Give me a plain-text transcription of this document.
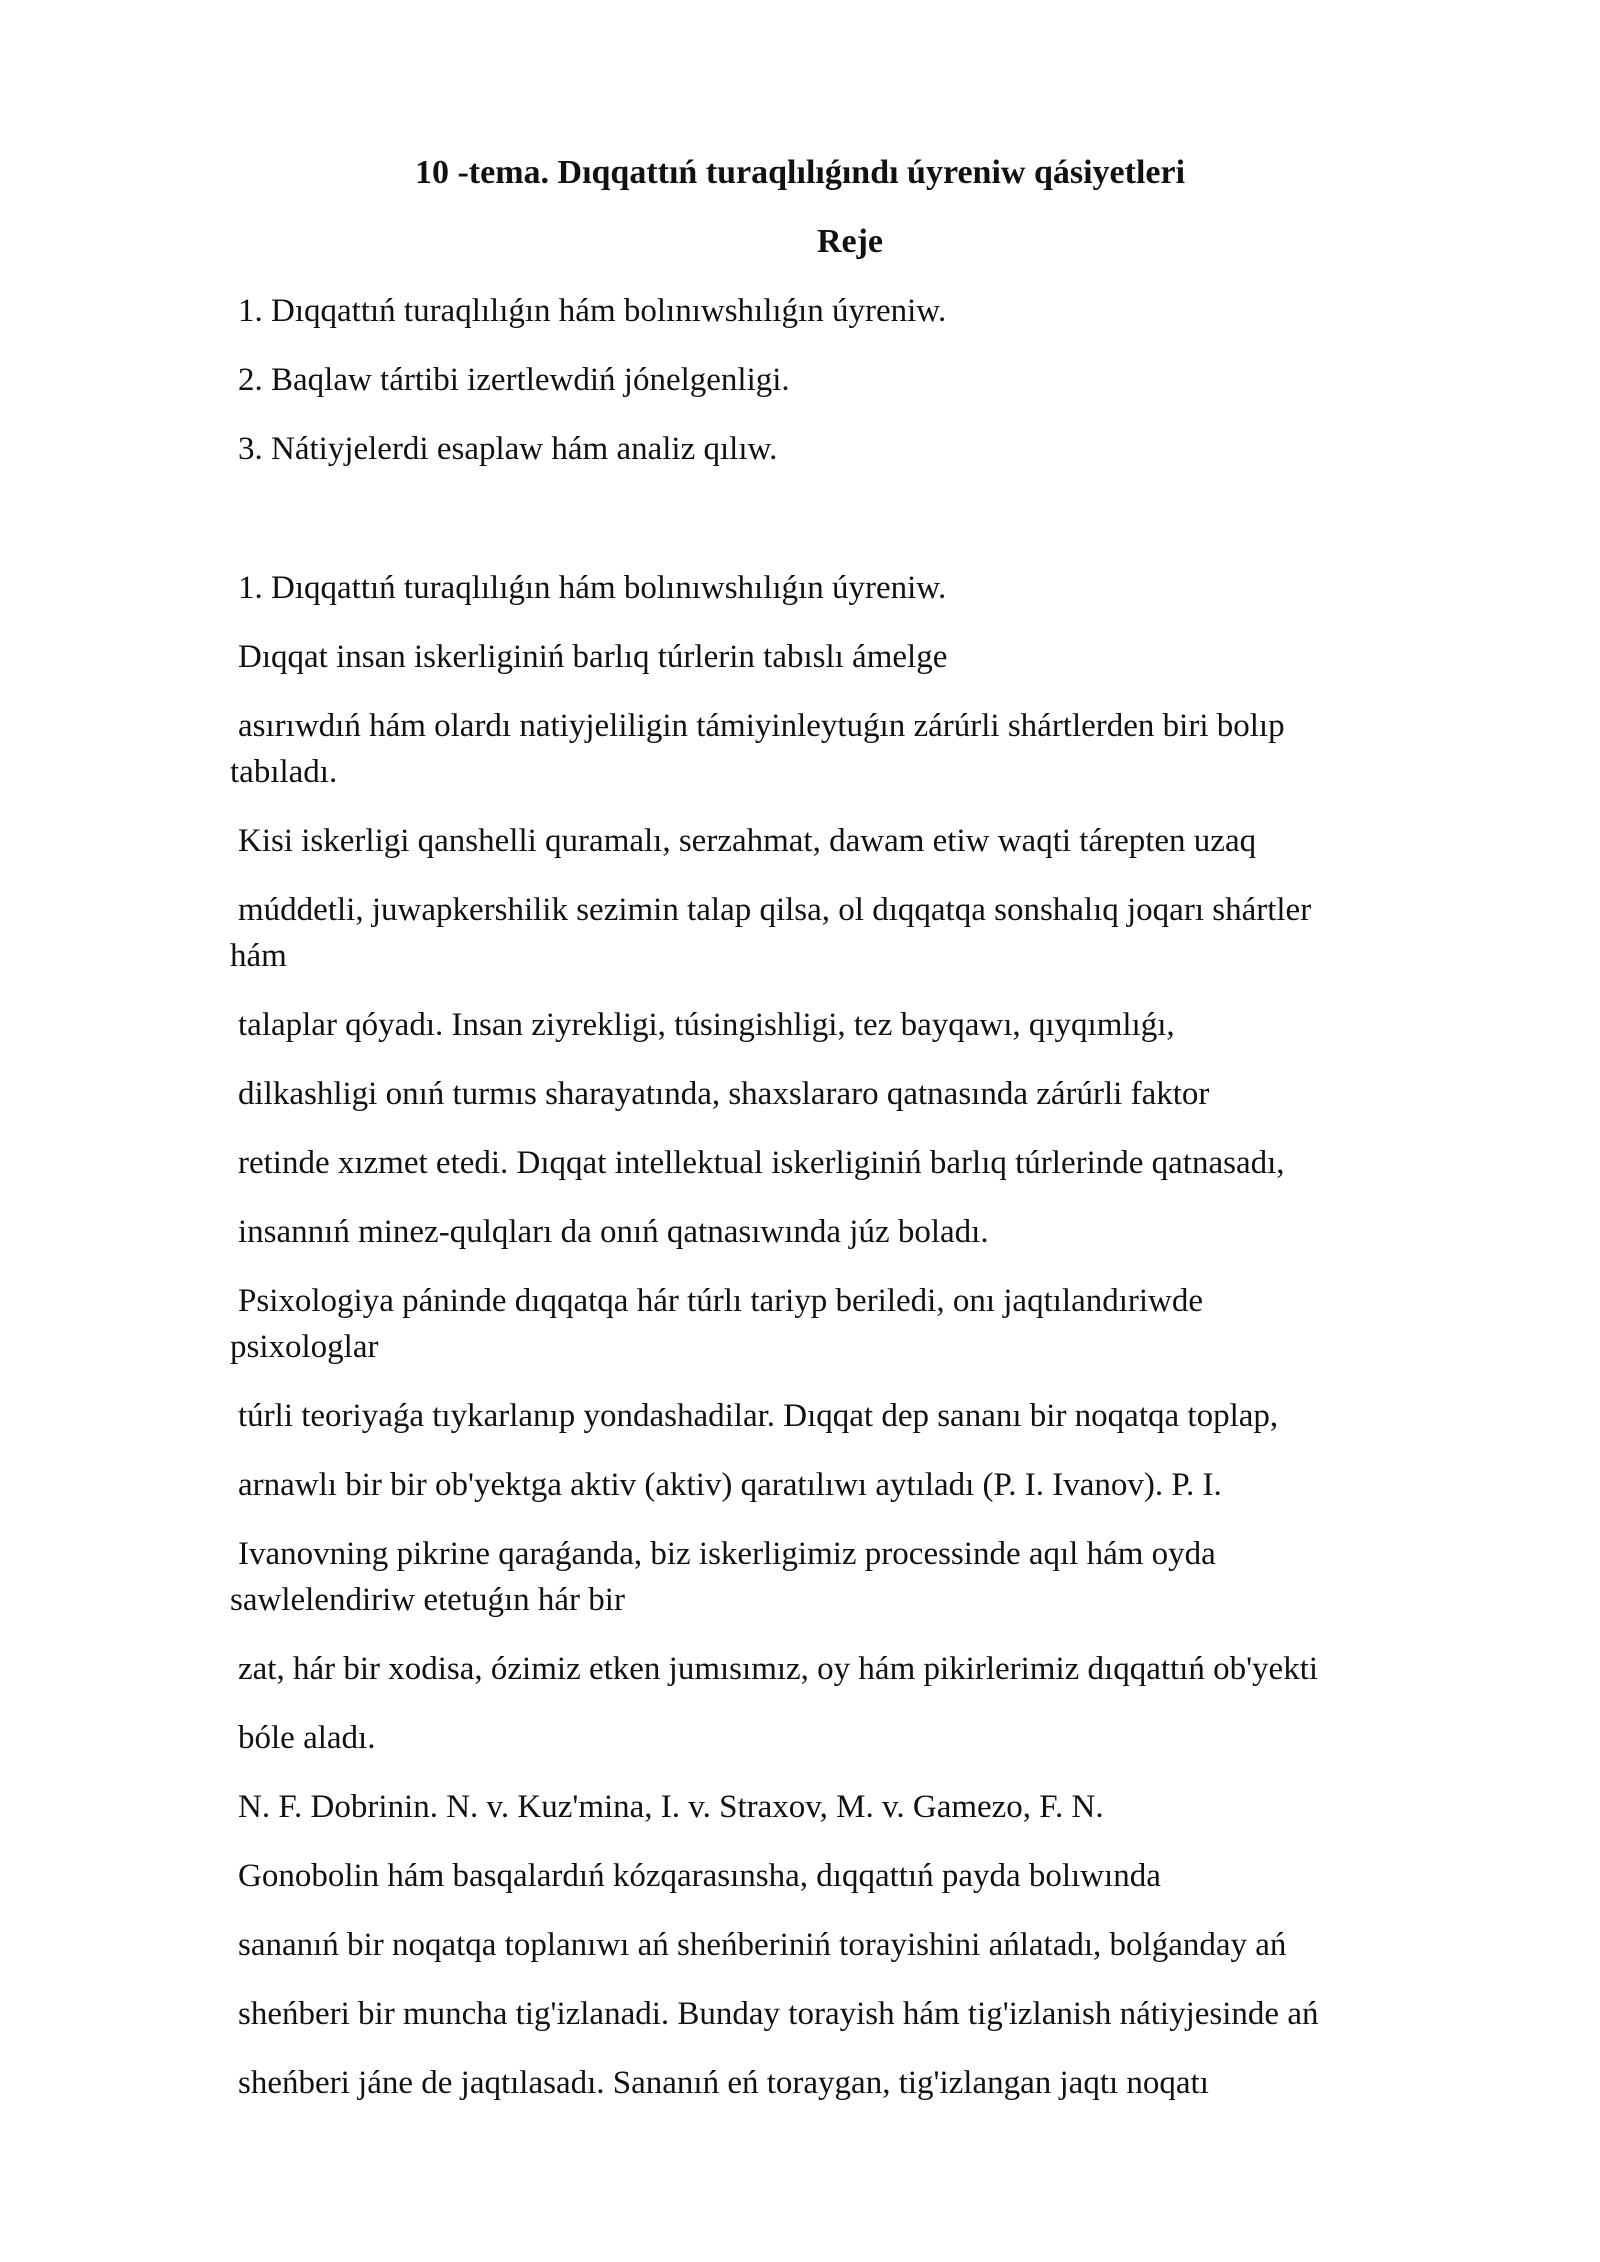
10 -tema. Dıqqattıń turaqlılıǵındı úyreniw qásiyetleri
Reje
1. Dıqqattıń turaqlılıǵın hám bolınıwshılıǵın úyreniw.
2. Baqlaw tártibi izertlewdiń jónelgenligi.
3. Nátiyjelerdi esaplaw hám analiz qılıw.
1. Dıqqattıń turaqlılıǵın hám bolınıwshılıǵın úyreniw.
Dıqqat insan iskerliginiń barlıq túrlerin tabıslı ámelge
asırıwdıń hám olardı natiyjeliligin támiyinleytuǵın zárúrli shártlerden biri bolıp
tabıladı.
Kisi iskerligi qanshelli quramalı, serzahmat, dawam etiw waqti tárepten uzaq
múddetli, juwapkershilik sezimin talap qilsa, ol dıqqatqa sonshalıq joqarı shártler
hám
talaplar qóyadı. Insan ziyrekligi, túsingishligi, tez bayqawı, qıyqımlıǵı,
dilkashligi onıń turmıs sharayatında, shaxslararo qatnasında zárúrli faktor
retinde xızmet etedi. Dıqqat intellektual iskerliginiń barlıq túrlerinde qatnasadı,
insannıń minez-qulqları da onıń qatnasıwında júz boladı.
Psixologiya páninde dıqqatqa hár túrlı tariyp beriledi, onı jaqtılandıriwde
psixologlar
túrli teoriyaǵa tıykarlanıp yondashadilar. Dıqqat dep sananı bir noqatqa toplap,
arnawlı bir bir ob'yektga aktiv (aktiv) qaratılıwı aytıladı (P. I. Ivanov). P. I.
Ivanovning pikrine qaraǵanda, biz iskerligimiz processinde aqıl hám oyda
sawlelendiriw etetuǵın hár bir
zat, hár bir xodisa, ózimiz etken jumısımız, oy hám pikirlerimiz dıqqattıń ob'yekti
bóle aladı.
N. F. Dobrinin. N. v. Kuz'mina, I. v. Straxov, M. v. Gamezo, F. N.
Gonobolin hám basqalardıń kózqarasınsha, dıqqattıń payda bolıwında
sananıń bir noqatqa toplanıwı ań sheńberiniń torayishini ańlatadı, bolǵanday ań
sheńberi bir muncha tig'izlanadi. Bunday torayish hám tig'izlanish nátiyjesinde ań
sheńberi jáne de jaqtılasadı. Sananıń eń toraygan, tig'izlangan jaqtı noqatı
